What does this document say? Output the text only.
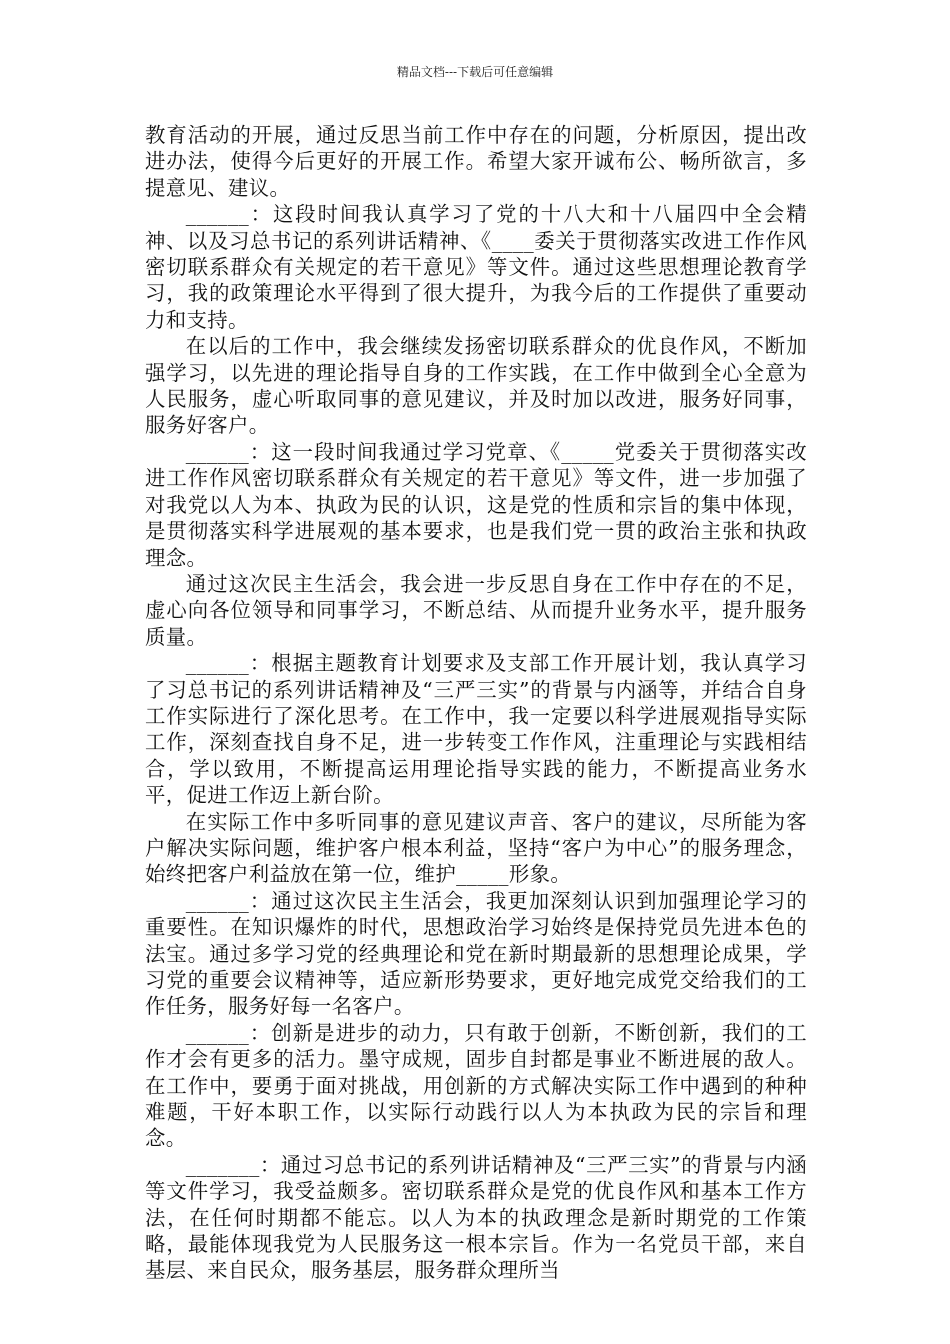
精品文档---下载后可任意编辑

教育活动的开展，通过反思当前工作中存在的问题，分析原因，提出改进办法，使得今后更好的开展工作。希望大家开诚布公、畅所欲言，多提意见、建议。

______：这段时间我认真学习了党的十八大和十八届四中全会精神、以及习总书记的系列讲话精神、《____委关于贯彻落实改进工作作风密切联系群众有关规定的若干意见》等文件。通过这些思想理论教育学习，我的政策理论水平得到了很大提升，为我今后的工作提供了重要动力和支持。

在以后的工作中，我会继续发扬密切联系群众的优良作风，不断加强学习，以先进的理论指导自身的工作实践，在工作中做到全心全意为人民服务，虚心听取同事的意见建议，并及时加以改进，服务好同事，服务好客户。

______：这一段时间我通过学习党章、《_____党委关于贯彻落实改进工作作风密切联系群众有关规定的若干意见》等文件，进一步加强了对我党以人为本、执政为民的认识，这是党的性质和宗旨的集中体现，是贯彻落实科学进展观的基本要求，也是我们党一贯的政治主张和执政理念。

通过这次民主生活会，我会进一步反思自身在工作中存在的不足，虚心向各位领导和同事学习，不断总结、从而提升业务水平，提升服务质量。

______：根据主题教育计划要求及支部工作开展计划，我认真学习了习总书记的系列讲话精神及“三严三实”的背景与内涵等，并结合自身工作实际进行了深化思考。在工作中，我一定要以科学进展观指导实际工作，深刻查找自身不足，进一步转变工作作风，注重理论与实践相结合，学以致用，不断提高运用理论指导实践的能力，不断提高业务水平，促进工作迈上新台阶。

在实际工作中多听同事的意见建议声音、客户的建议，尽所能为客户解决实际问题，维护客户根本利益，坚持“客户为中心”的服务理念，始终把客户利益放在第一位，维护_____形象。

______：通过这次民主生活会，我更加深刻认识到加强理论学习的重要性。在知识爆炸的时代，思想政治学习始终是保持党员先进本色的法宝。通过多学习党的经典理论和党在新时期最新的思想理论成果，学习党的重要会议精神等，适应新形势要求，更好地完成党交给我们的工作任务，服务好每一名客户。

______：创新是进步的动力，只有敢于创新，不断创新，我们的工作才会有更多的活力。墨守成规，固步自封都是事业不断进展的敌人。在工作中，要勇于面对挑战，用创新的方式解决实际工作中遇到的种种难题，干好本职工作，以实际行动践行以人为本执政为民的宗旨和理念。

_______：通过习总书记的系列讲话精神及“三严三实”的背景与内涵等文件学习，我受益颇多。密切联系群众是党的优良作风和基本工作方法，在任何时期都不能忘。以人为本的执政理念是新时期党的工作策略，最能体现我党为人民服务这一根本宗旨。作为一名党员干部，来自基层、来自民众，服务基层，服务群众理所当
